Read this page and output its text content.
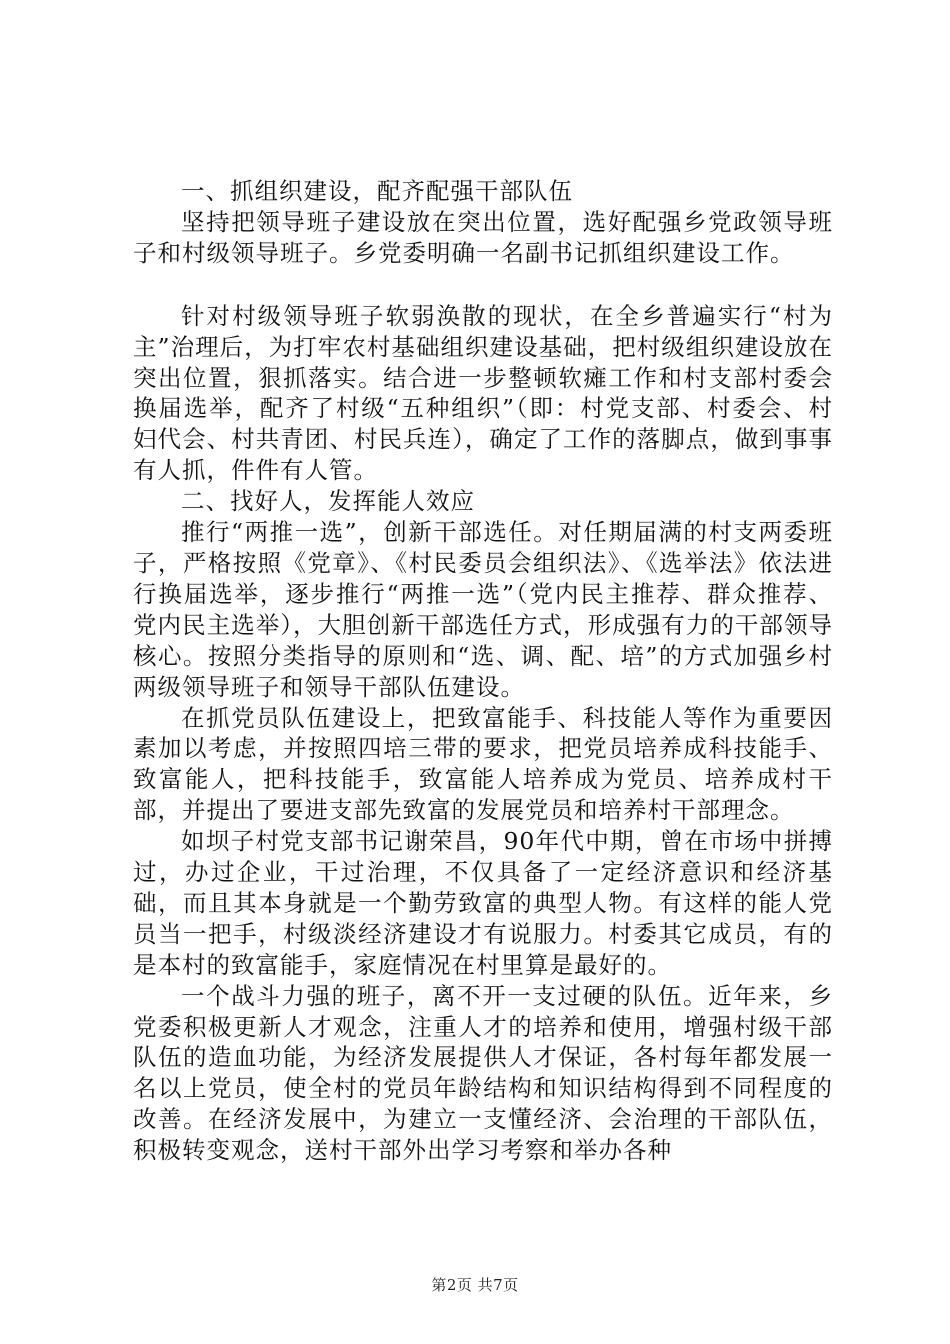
一、抓组织建设，配齐配强干部队伍

坚持把领导班子建设放在突出位置，选好配强乡党政领导班子和村级领导班子。乡党委明确一名副书记抓组织建设工作。

针对村级领导班子软弱涣散的现状，在全乡普遍实行“村为主”治理后，为打牢农村基础组织建设基础，把村级组织建设放在突出位置，狠抓落实。结合进一步整顿软瘫工作和村支部村委会换届选举，配齐了村级“五种组织”（即：村党支部、村委会、村妇代会、村共青团、村民兵连），确定了工作的落脚点，做到事事有人抓，件件有人管。

二、找好人，发挥能人效应

推行“两推一选”，创新干部选任。对任期届满的村支两委班子，严格按照《党章》、《村民委员会组织法》、《选举法》依法进行换届选举，逐步推行“两推一选”（党内民主推荐、群众推荐、党内民主选举），大胆创新干部选任方式，形成强有力的干部领导核心。按照分类指导的原则和“选、调、配、培”的方式加强乡村两级领导班子和领导干部队伍建设。

在抓党员队伍建设上，把致富能手、科技能人等作为重要因素加以考虑，并按照四培三带的要求，把党员培养成科技能手、致富能人，把科技能手，致富能人培养成为党员、培养成村干部，并提出了要进支部先致富的发展党员和培养村干部理念。

如坝子村党支部书记谢荣昌，90年代中期，曾在市场中拼搏过，办过企业，干过治理，不仅具备了一定经济意识和经济基础，而且其本身就是一个勤劳致富的典型人物。有这样的能人党员当一把手，村级淡经济建设才有说服力。村委其它成员，有的是本村的致富能手，家庭情况在村里算是最好的。

一个战斗力强的班子，离不开一支过硬的队伍。近年来，乡党委积极更新人才观念，注重人才的培养和使用，增强村级干部队伍的造血功能，为经济发展提供人才保证，各村每年都发展一名以上党员，使全村的党员年龄结构和知识结构得到不同程度的改善。在经济发展中，为建立一支懂经济、会治理的干部队伍，积极转变观念，送村干部外出学习考察和举办各种

第2页 共7页
